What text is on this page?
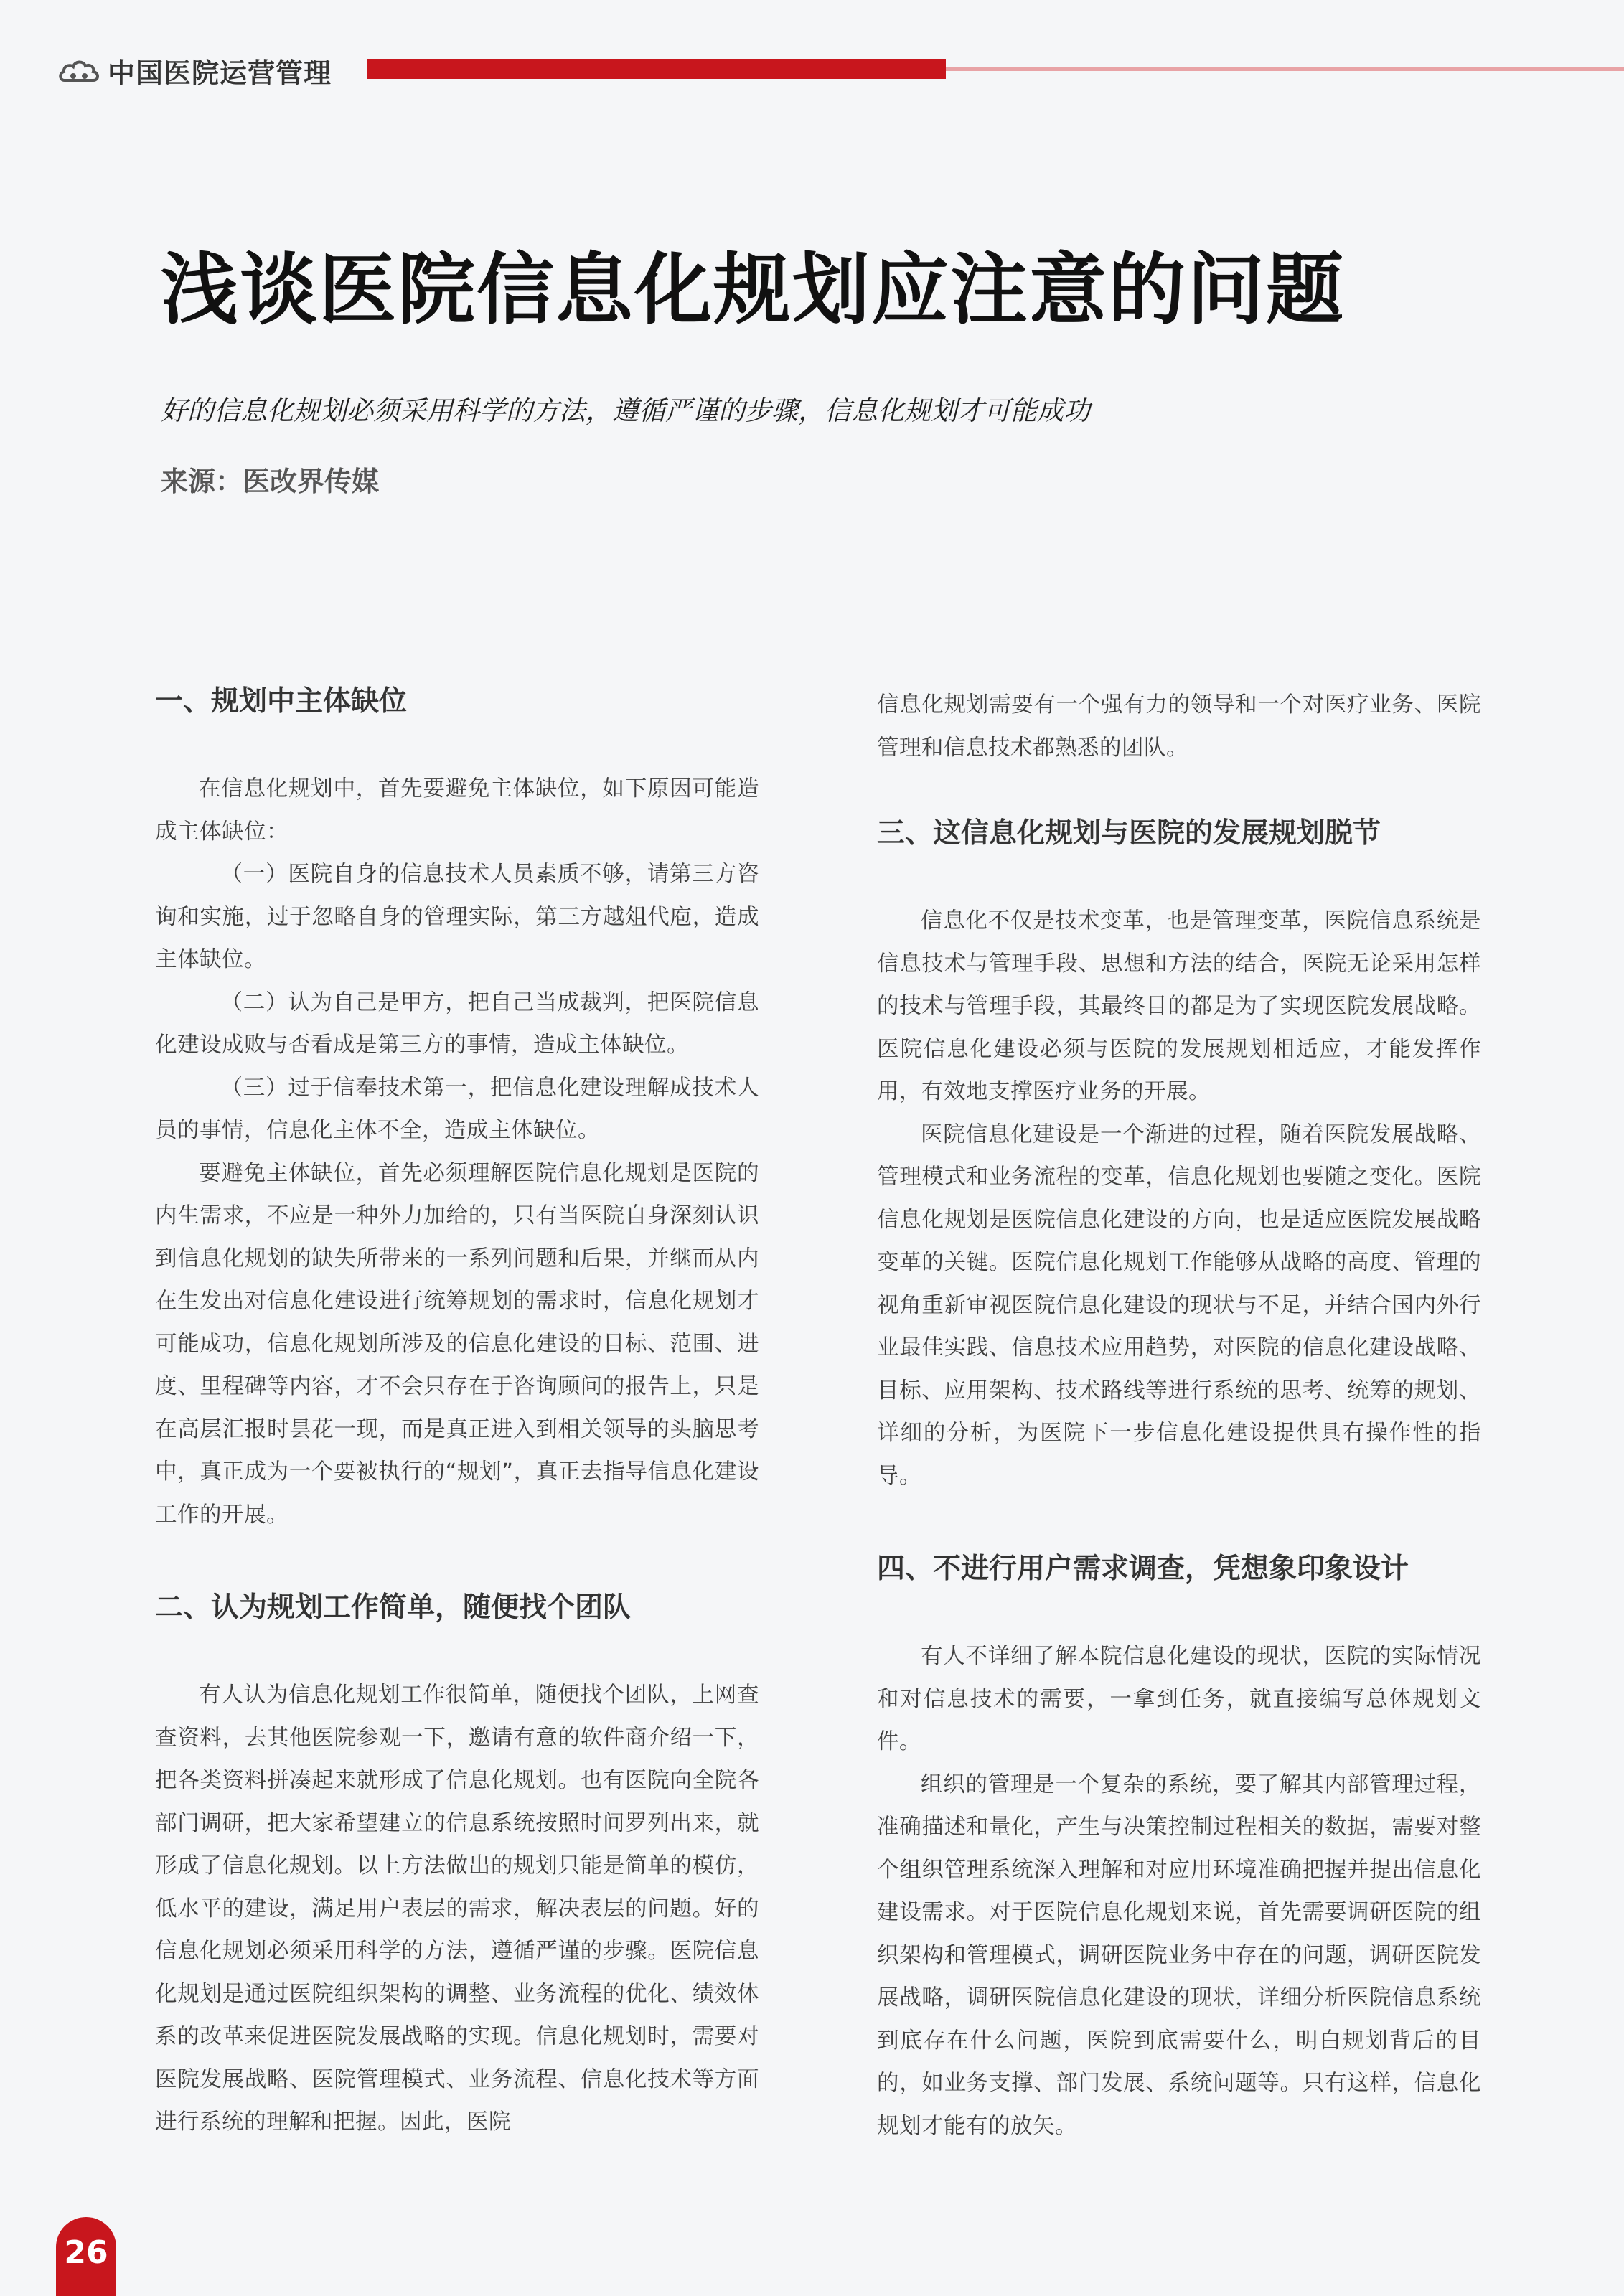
中国医院运营管理
浅谈医院信息化规划应注意的问题
好的信息化规划必须采用科学的方法，遵循严谨的步骤，信息化规划才可能成功
来源：医改界传媒
一、规划中主体缺位

在信息化规划中，首先要避免主体缺位，如下原因可能造成主体缺位：

（一）医院自身的信息技术人员素质不够，请第三方咨询和实施，过于忽略自身的管理实际，第三方越俎代庖，造成主体缺位。

（二）认为自己是甲方，把自己当成裁判，把医院信息化建设成败与否看成是第三方的事情，造成主体缺位。

（三）过于信奉技术第一，把信息化建设理解成技术人员的事情，信息化主体不全，造成主体缺位。

要避免主体缺位，首先必须理解医院信息化规划是医院的内生需求，不应是一种外力加给的，只有当医院自身深刻认识到信息化规划的缺失所带来的一系列问题和后果，并继而从内在生发出对信息化建设进行统筹规划的需求时，信息化规划才可能成功，信息化规划所涉及的信息化建设的目标、范围、进度、里程碑等内容，才不会只存在于咨询顾问的报告上，只是在高层汇报时昙花一现，而是真正进入到相关领导的头脑思考中，真正成为一个要被执行的“规划”，真正去指导信息化建设工作的开展。

二、认为规划工作简单，随便找个团队

有人认为信息化规划工作很简单，随便找个团队，上网查查资料，去其他医院参观一下，邀请有意的软件商介绍一下，把各类资料拼凑起来就形成了信息化规划。也有医院向全院各部门调研，把大家希望建立的信息系统按照时间罗列出来，就形成了信息化规划。以上方法做出的规划只能是简单的模仿，低水平的建设，满足用户表层的需求，解决表层的问题。好的信息化规划必须采用科学的方法，遵循严谨的步骤。医院信息化规划是通过医院组织架构的调整、业务流程的优化、绩效体系的改革来促进医院发展战略的实现。信息化规划时，需要对医院发展战略、医院管理模式、业务流程、信息化技术等方面进行系统的理解和把握。因此，医院

信息化规划需要有一个强有力的领导和一个对医疗业务、医院管理和信息技术都熟悉的团队。

三、这信息化规划与医院的发展规划脱节

信息化不仅是技术变革，也是管理变革，医院信息系统是信息技术与管理手段、思想和方法的结合，医院无论采用怎样的技术与管理手段，其最终目的都是为了实现医院发展战略。医院信息化建设必须与医院的发展规划相适应，才能发挥作用，有效地支撑医疗业务的开展。

医院信息化建设是一个渐进的过程，随着医院发展战略、管理模式和业务流程的变革，信息化规划也要随之变化。医院信息化规划是医院信息化建设的方向，也是适应医院发展战略变革的关键。医院信息化规划工作能够从战略的高度、管理的视角重新审视医院信息化建设的现状与不足，并结合国内外行业最佳实践、信息技术应用趋势，对医院的信息化建设战略、目标、应用架构、技术路线等进行系统的思考、统筹的规划、详细的分析，为医院下一步信息化建设提供具有操作性的指导。

四、不进行用户需求调查，凭想象印象设计

有人不详细了解本院信息化建设的现状，医院的实际情况和对信息技术的需要，一拿到任务，就直接编写总体规划文件。

组织的管理是一个复杂的系统，要了解其内部管理过程，准确描述和量化，产生与决策控制过程相关的数据，需要对整个组织管理系统深入理解和对应用环境准确把握并提出信息化建设需求。对于医院信息化规划来说，首先需要调研医院的组织架构和管理模式，调研医院业务中存在的问题，调研医院发展战略，调研医院信息化建设的现状，详细分析医院信息系统到底存在什么问题，医院到底需要什么，明白规划背后的目的，如业务支撑、部门发展、系统问题等。只有这样，信息化规划才能有的放矢。

26
